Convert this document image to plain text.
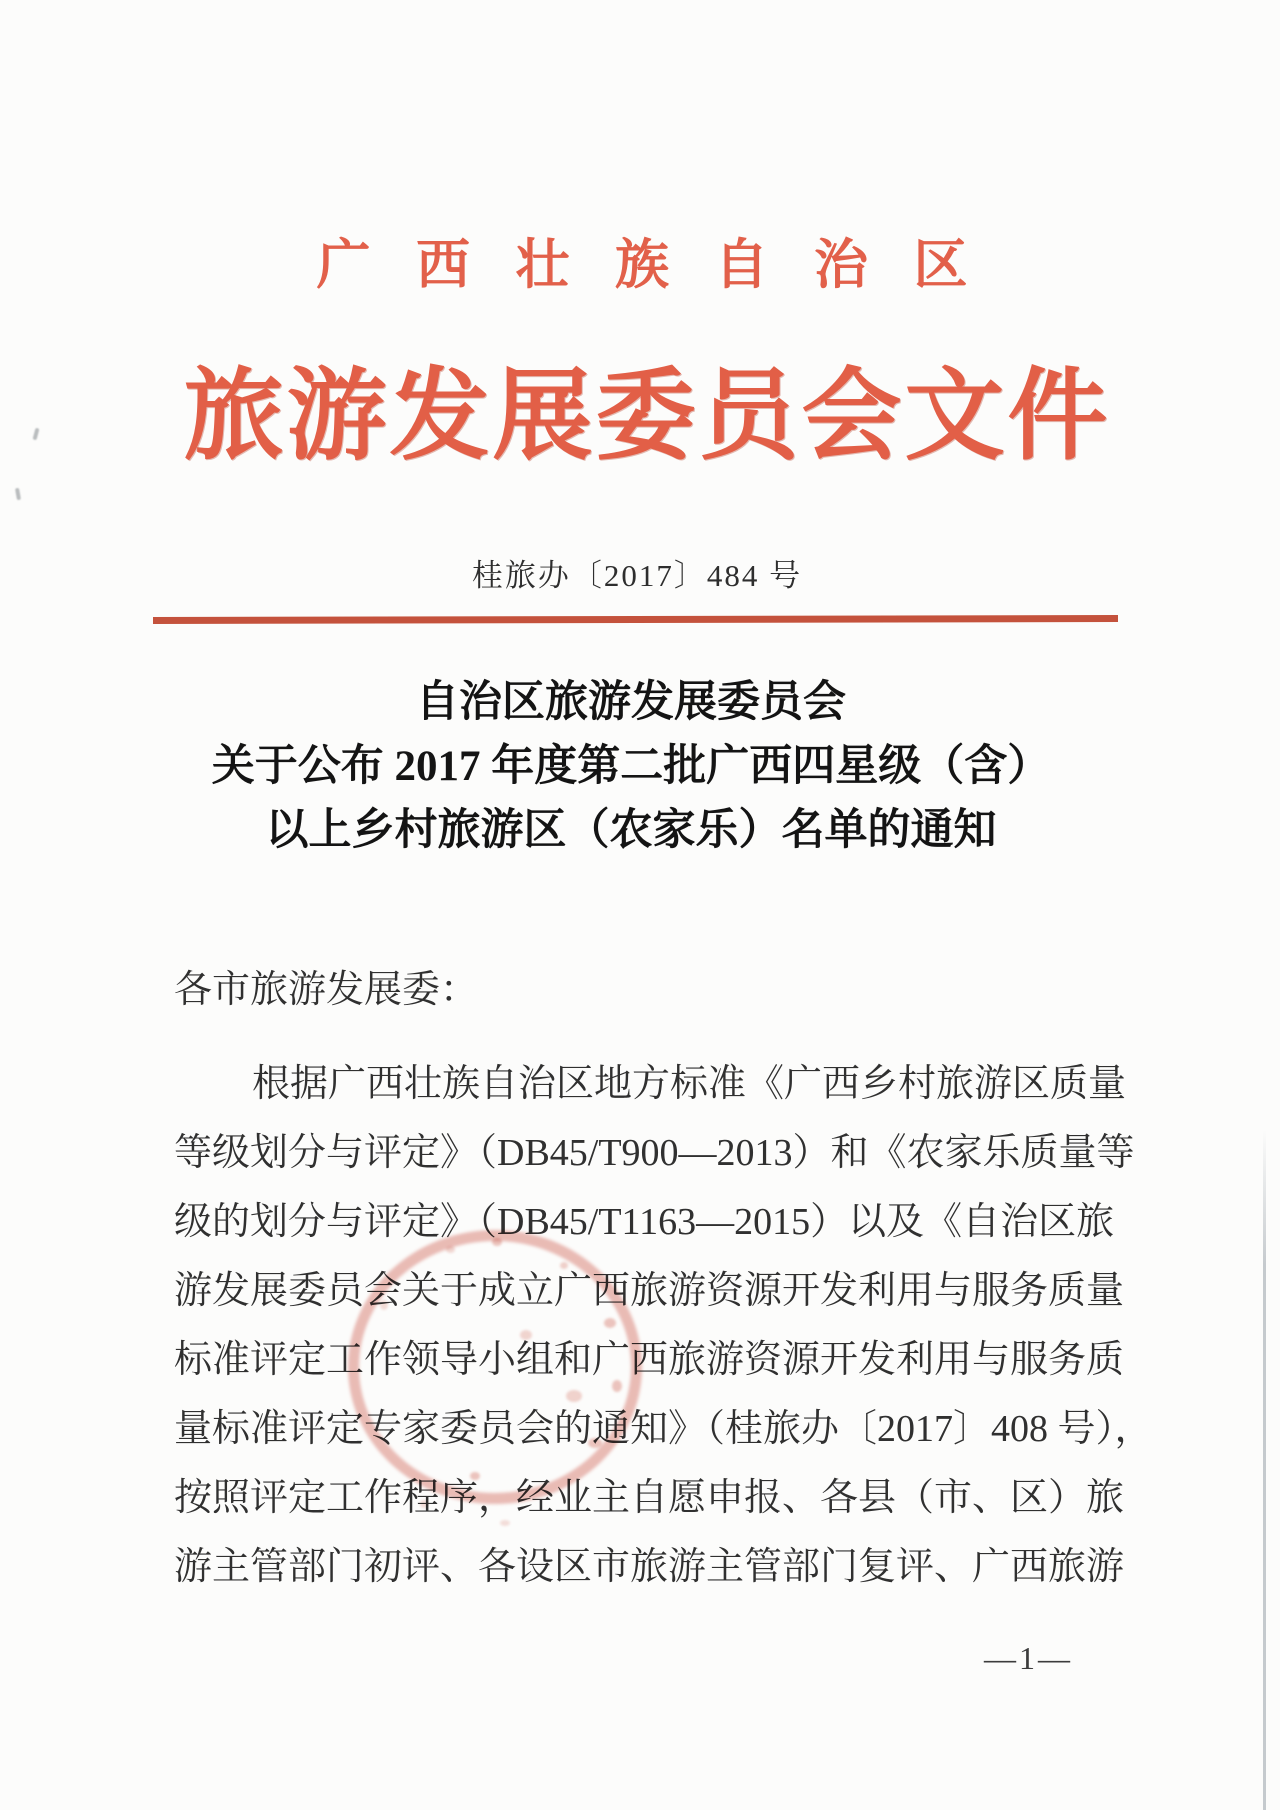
广 西 壮 族 自 治 区
旅游发展委员会文件
桂旅办〔2017〕484 号
自治区旅游发展委员会
关于公布 2017 年度第二批广西四星级（含）
以上乡村旅游区（农家乐）名单的通知
各市旅游发展委：
根据广西壮族自治区地方标准《广西乡村旅游区质量
等级划分与评定》（DB45/T900—2013）和《农家乐质量等
级的划分与评定》（DB45/T1163—2015）以及《自治区旅
游发展委员会关于成立广西旅游资源开发利用与服务质量
标准评定工作领导小组和广西旅游资源开发利用与服务质
量标准评定专家委员会的通知》（桂旅办〔2017〕408 号），
按照评定工作程序，经业主自愿申报、各县（市、区）旅
游主管部门初评、各设区市旅游主管部门复评、广西旅游
—1—
